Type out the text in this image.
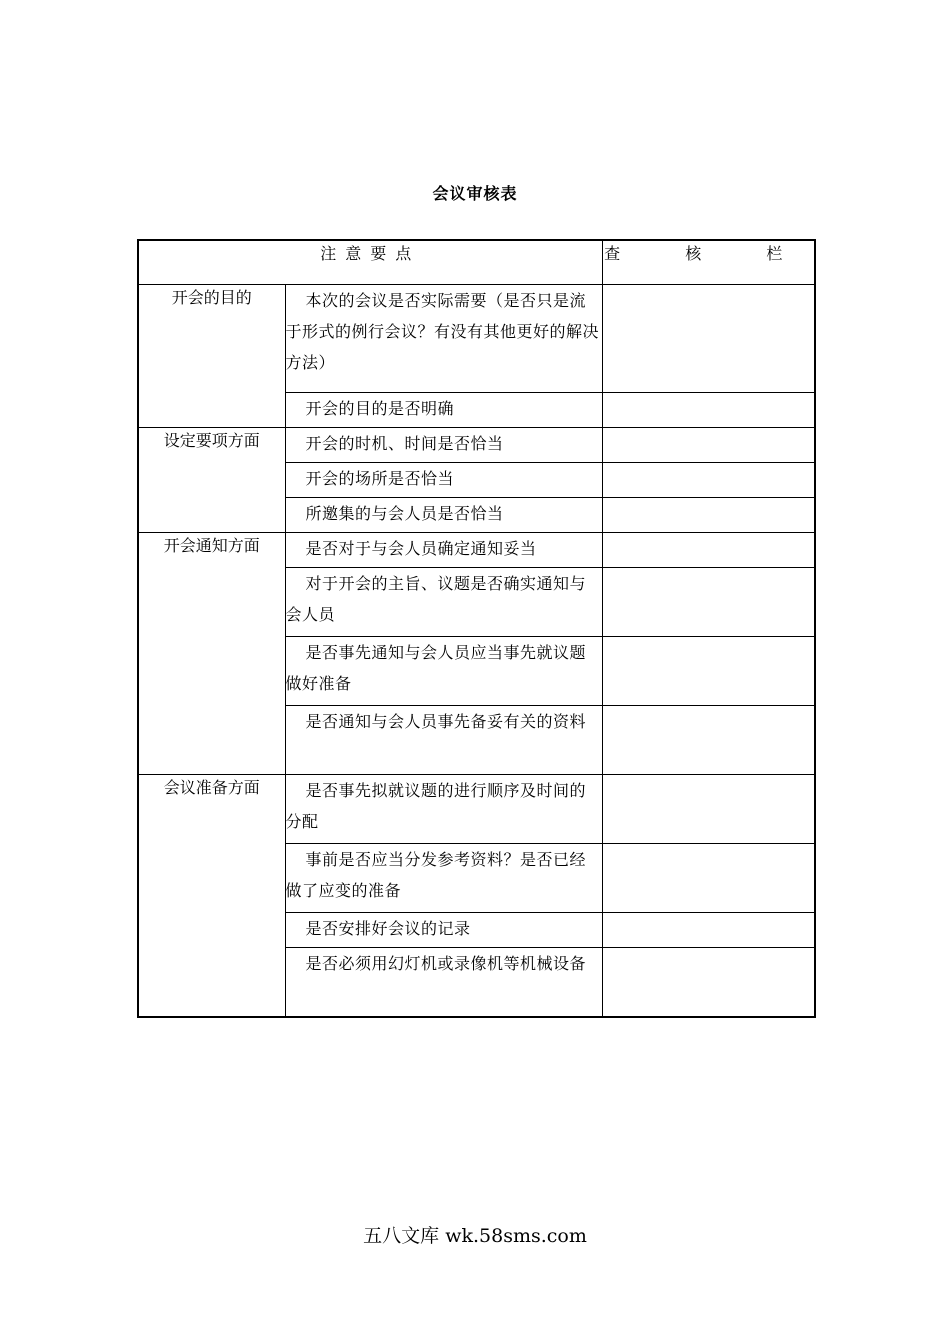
会议审核表
注意要点		查 核 栏
开会的目的	本次的会议是否实际需要（是否只是流于形式的例行会议？有没有其他更好的解决方法）	
	开会的目的是否明确	
设定要项方面	开会的时机、时间是否恰当	
	开会的场所是否恰当	
	所邀集的与会人员是否恰当	
开会通知方面	是否对于与会人员确定通知妥当	
	对于开会的主旨、议题是否确实通知与会人员	
	是否事先通知与会人员应当事先就议题做好准备	
	是否通知与会人员事先备妥有关的资料	
会议准备方面	是否事先拟就议题的进行顺序及时间的分配	
	事前是否应当分发参考资料？是否已经做了应变的准备	
	是否安排好会议的记录	
	是否必须用幻灯机或录像机等机械设备	
五八文库 wk.58sms.com
